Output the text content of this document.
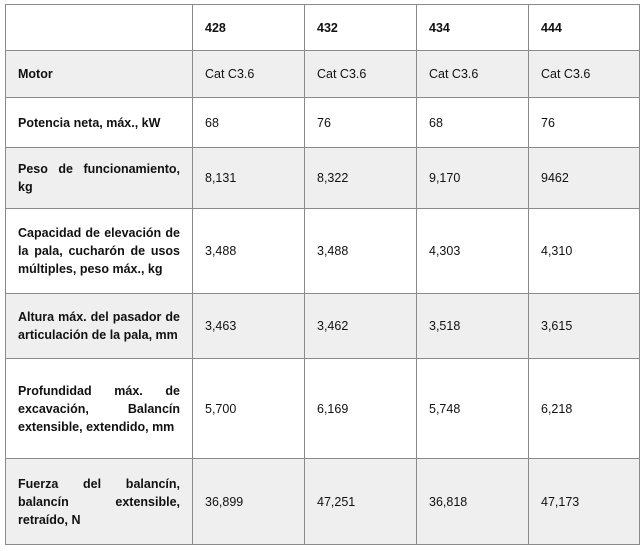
	428	432	434	444
Motor	Cat C3.6	Cat C3.6	Cat C3.6	Cat C3.6
Potencia neta, máx., kW	68	76	68	76
Peso de funcionamiento, kg	8,131	8,322	9,170	9462
Capacidad de elevación de la pala, cucharón de usos múltiples, peso máx., kg	3,488	3,488	4,303	4,310
Altura máx. del pasador de articulación de la pala, mm	3,463	3,462	3,518	3,615
Profundidad máx. de excavación, Balancín extensible, extendido, mm	5,700	6,169	5,748	6,218
Fuerza del balancín, balancín extensible, retraído, N	36,899	47,251	36,818	47,173
